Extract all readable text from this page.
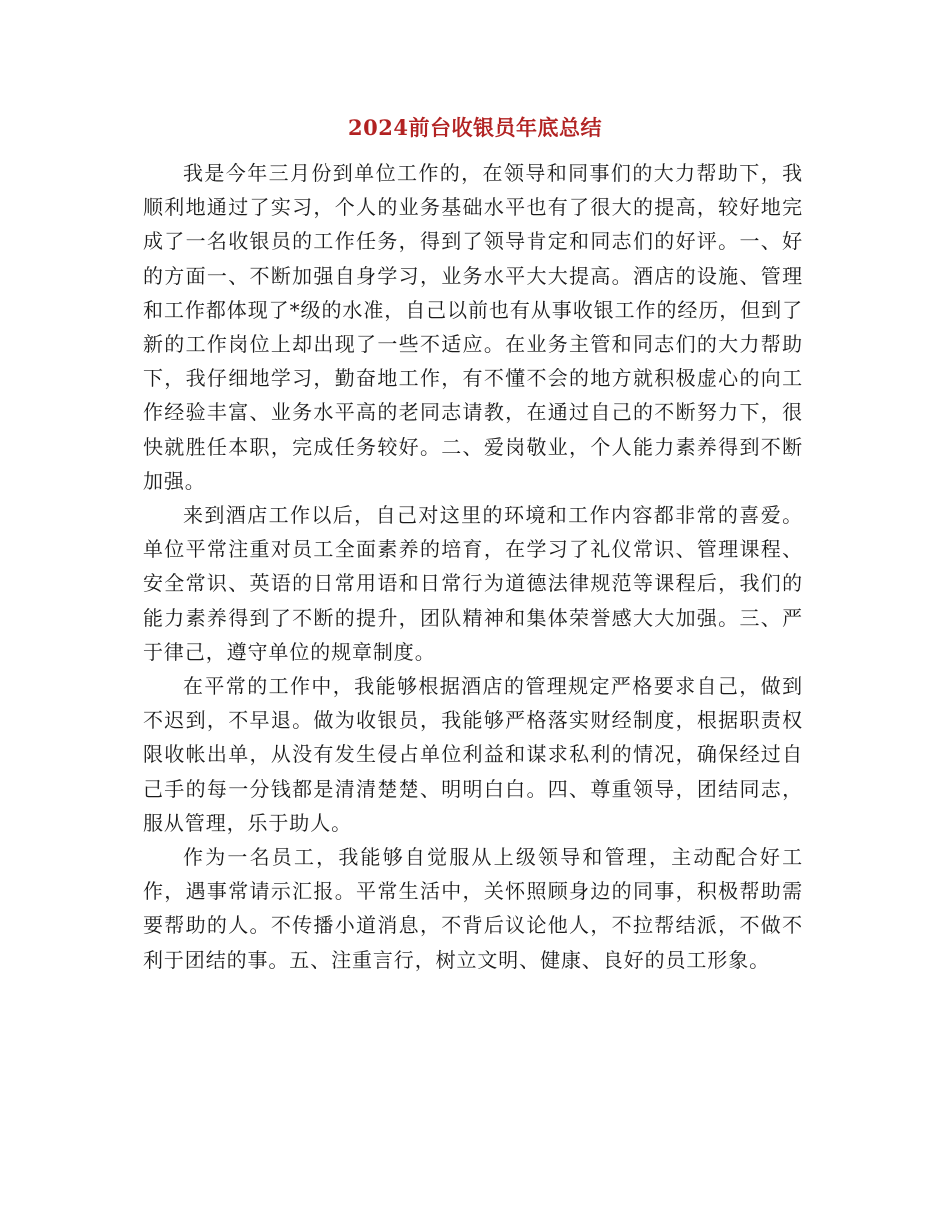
2024前台收银员年底总结

我是今年三月份到单位工作的，在领导和同事们的大力帮助下，我顺利地通过了实习，个人的业务基础水平也有了很大的提高，较好地完成了一名收银员的工作任务，得到了领导肯定和同志们的好评。一、好的方面一、不断加强自身学习，业务水平大大提高。酒店的设施、管理和工作都体现了*级的水准，自己以前也有从事收银工作的经历，但到了新的工作岗位上却出现了一些不适应。在业务主管和同志们的大力帮助下，我仔细地学习，勤奋地工作，有不懂不会的地方就积极虚心的向工作经验丰富、业务水平高的老同志请教，在通过自己的不断努力下，很快就胜任本职，完成任务较好。二、爱岗敬业，个人能力素养得到不断加强。

来到酒店工作以后，自己对这里的环境和工作内容都非常的喜爱。单位平常注重对员工全面素养的培育，在学习了礼仪常识、管理课程、安全常识、英语的日常用语和日常行为道德法律规范等课程后，我们的能力素养得到了不断的提升，团队精神和集体荣誉感大大加强。三、严于律己，遵守单位的规章制度。

在平常的工作中，我能够根据酒店的管理规定严格要求自己，做到不迟到，不早退。做为收银员，我能够严格落实财经制度，根据职责权限收帐出单，从没有发生侵占单位利益和谋求私利的情况，确保经过自己手的每一分钱都是清清楚楚、明明白白。四、尊重领导，团结同志，服从管理，乐于助人。

作为一名员工，我能够自觉服从上级领导和管理，主动配合好工作，遇事常请示汇报。平常生活中，关怀照顾身边的同事，积极帮助需要帮助的人。不传播小道消息，不背后议论他人，不拉帮结派，不做不利于团结的事。五、注重言行，树立文明、健康、良好的员工形象。
